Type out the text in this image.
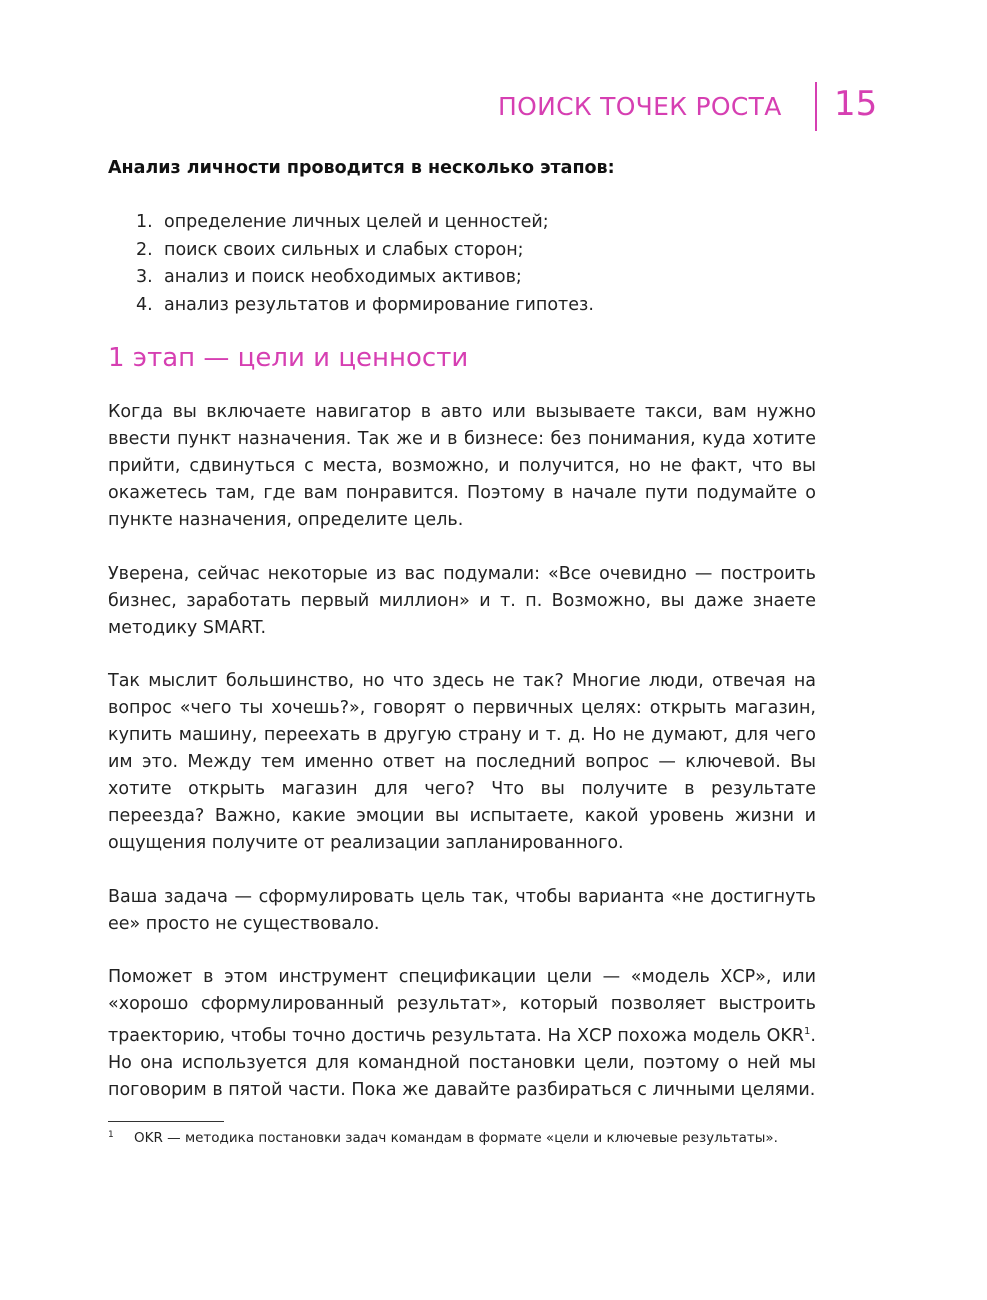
ПОИСК ТОЧЕК РОСТА 15
Анализ личности проводится в несколько этапов:
1. определение личных целей и ценностей;
2. поиск своих сильных и слабых сторон;
3. анализ и поиск необходимых активов;
4. анализ результатов и формирование гипотез.
1 этап — цели и ценности

Когда вы включаете навигатор в авто или вызываете такси, вам нужно ввести пункт назначения. Так же и в бизнесе: без понимания, куда хотите прийти, сдвинуться с места, возможно, и получится, но не факт, что вы окажетесь там, где вам понравится. Поэтому в начале пути подумайте о пункте назначения, определите цель.

Уверена, сейчас некоторые из вас подумали: «Все очевидно — построить бизнес, заработать первый миллион» и т. п. Возможно, вы даже знаете методику SMART.

Так мыслит большинство, но что здесь не так? Многие люди, отвечая на вопрос «чего ты хочешь?», говорят о первичных целях: открыть магазин, купить машину, переехать в другую страну и т. д. Но не думают, для чего им это. Между тем именно ответ на последний вопрос — ключевой. Вы хотите открыть магазин для чего? Что вы получите в результате переезда? Важно, какие эмоции вы испытаете, какой уровень жизни и ощущения получите от реализации запланированного.

Ваша задача — сформулировать цель так, чтобы варианта «не достигнуть ее» просто не существовало.

Поможет в этом инструмент спецификации цели — «модель ХСР», или «хорошо сформулированный результат», который позволяет выстроить траекторию, чтобы точно достичь результата. На ХСР похожа модель OKR$^1$. Но она используется для командной постановки цели, поэтому о ней мы поговорим в пятой части. Пока же давайте разбираться с личными целями.

1 OKR — методика постановки задач командам в формате «цели и ключевые результаты».
